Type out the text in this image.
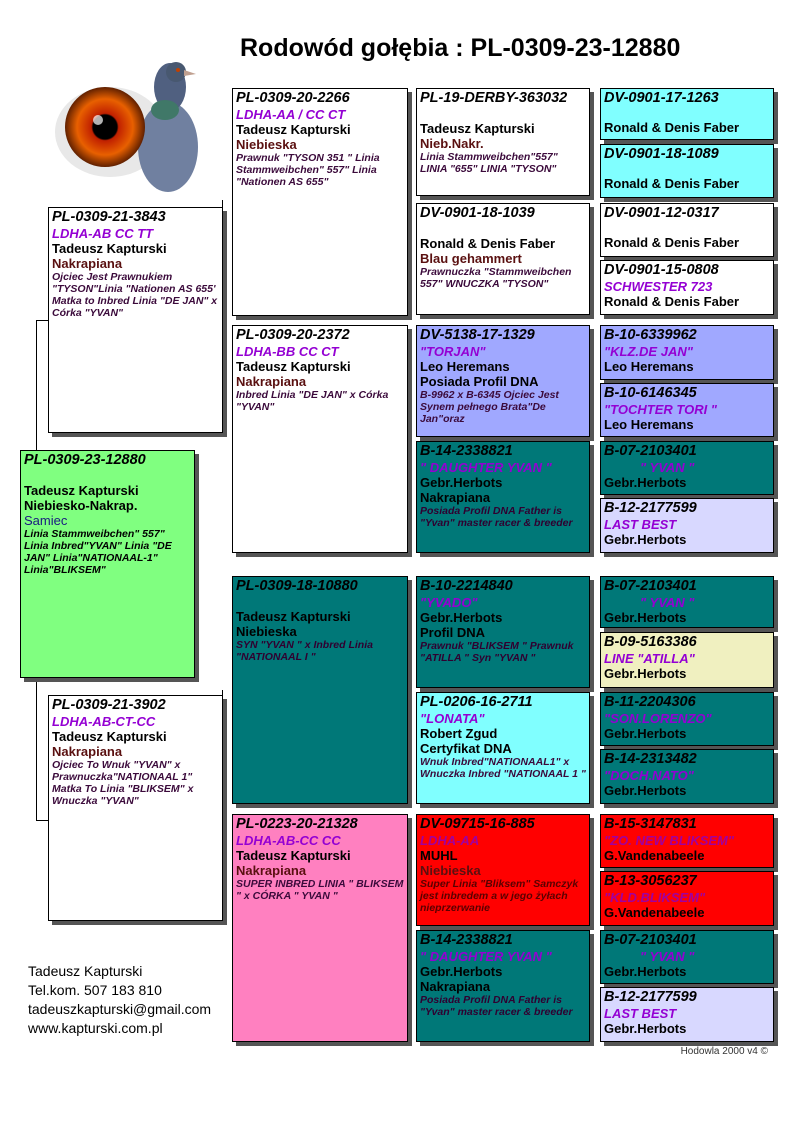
Rodowód gołębia : PL-0309-23-12880
PL-0309-23-12880
Tadeusz Kapturski
Niebiesko-Nakrap.
Samiec
Linia Stammweibchen" 557" Linia Inbred"YVAN" Linia "DE JAN" Linia"NATIONAAL-1" Linia"BLIKSEM"
PL-0309-21-3843
LDHA-AB CC TT
Tadeusz Kapturski
Nakrapiana
Ojciec Jest Prawnukiem "TYSON"Linia "Nationen AS 655' Matka to Inbred Linia "DE JAN" x Córka "YVAN"
PL-0309-21-3902
LDHA-AB-CT-CC
Tadeusz Kapturski
Nakrapiana
Ojciec To Wnuk "YVAN" x Prawnuczka"NATIONAAL 1" Matka To Linia "BLIKSEM" x Wnuczka "YVAN"
PL-0309-20-2266
LDHA-AA / CC CT
Tadeusz Kapturski
Niebieska
Prawnuk "TYSON 351 " Linia Stammweibchen" 557" Linia "Nationen AS 655"
PL-0309-20-2372
LDHA-BB CC CT
Tadeusz Kapturski
Nakrapiana
Inbred Linia "DE JAN" x Córka "YVAN"
PL-0309-18-10880
Tadeusz Kapturski
Niebieska
SYN "YVAN " x Inbred Linia "NATIONAAL I "
PL-0223-20-21328
LDHA-AB-CC CC
Tadeusz Kapturski
Nakrapiana
SUPER INBRED LINIA " BLIKSEM " x CÓRKA " YVAN "
PL-19-DERBY-363032
Tadeusz Kapturski
Nieb.Nakr.
Linia Stammweibchen"557" LINIA "655" LINIA "TYSON"
DV-0901-18-1039
Ronald & Denis Faber
Blau gehammert
Prawnuczka "Stammweibchen 557" WNUCZKA "TYSON"
DV-5138-17-1329
"TORJAN"
Leo Heremans
Posiada Profil DNA
B-9962 x B-6345 Ojciec Jest Synem pełnego Brata"De Jan"oraz
B-14-2338821
" DAUGHTER YVAN "
Gebr.Herbots
Nakrapiana
Posiada Profil DNA Father is "Yvan" master racer & breeder
B-10-2214840
"YVADO"
Gebr.Herbots
Profil DNA
Prawnuk "BLIKSEM " Prawnuk "ATILLA " Syn "YVAN "
PL-0206-16-2711
"LONATA"
Robert Zgud
Certyfikat DNA
Wnuk Inbred"NATIONAAL1" x Wnuczka Inbred "NATIONAAL 1 "
DV-09715-16-885
LDHA-AA
MUHL
Niebieska
Super Linia "Bliksem" Samczyk jest inbredem a w jego żyłach nieprzerwanie
B-14-2338821
" DAUGHTER YVAN "
Gebr.Herbots
Nakrapiana
Posiada Profil DNA Father is "Yvan" master racer & breeder
DV-0901-17-1263
Ronald & Denis Faber
DV-0901-18-1089
Ronald & Denis Faber
DV-0901-12-0317
Ronald & Denis Faber
DV-0901-15-0808
SCHWESTER 723
Ronald & Denis Faber
B-10-6339962
"KLZ.DE JAN"
Leo Heremans
B-10-6146345
"TOCHTER TORI "
Leo Heremans
B-07-2103401
" YVAN "
Gebr.Herbots
B-12-2177599
LAST BEST
Gebr.Herbots
B-07-2103401
" YVAN "
Gebr.Herbots
B-09-5163386
LINE "ATILLA"
Gebr.Herbots
B-11-2204306
"SON.LORENZO"
Gebr.Herbots
B-14-2313482
"DOCH.NATO"
Gebr.Herbots
B-15-3147831
"ZO. NEW BLIKSEM"
G.Vandenabeele
B-13-3056237
"KLD.BLIKSEM"
G.Vandenabeele
B-07-2103401
" YVAN "
Gebr.Herbots
B-12-2177599
LAST BEST
Gebr.Herbots
Tadeusz Kapturski
Tel.kom. 507 183 810
tadeuszkapturski@gmail.com
www.kapturski.com.pl
Hodowla 2000 v4 ©
